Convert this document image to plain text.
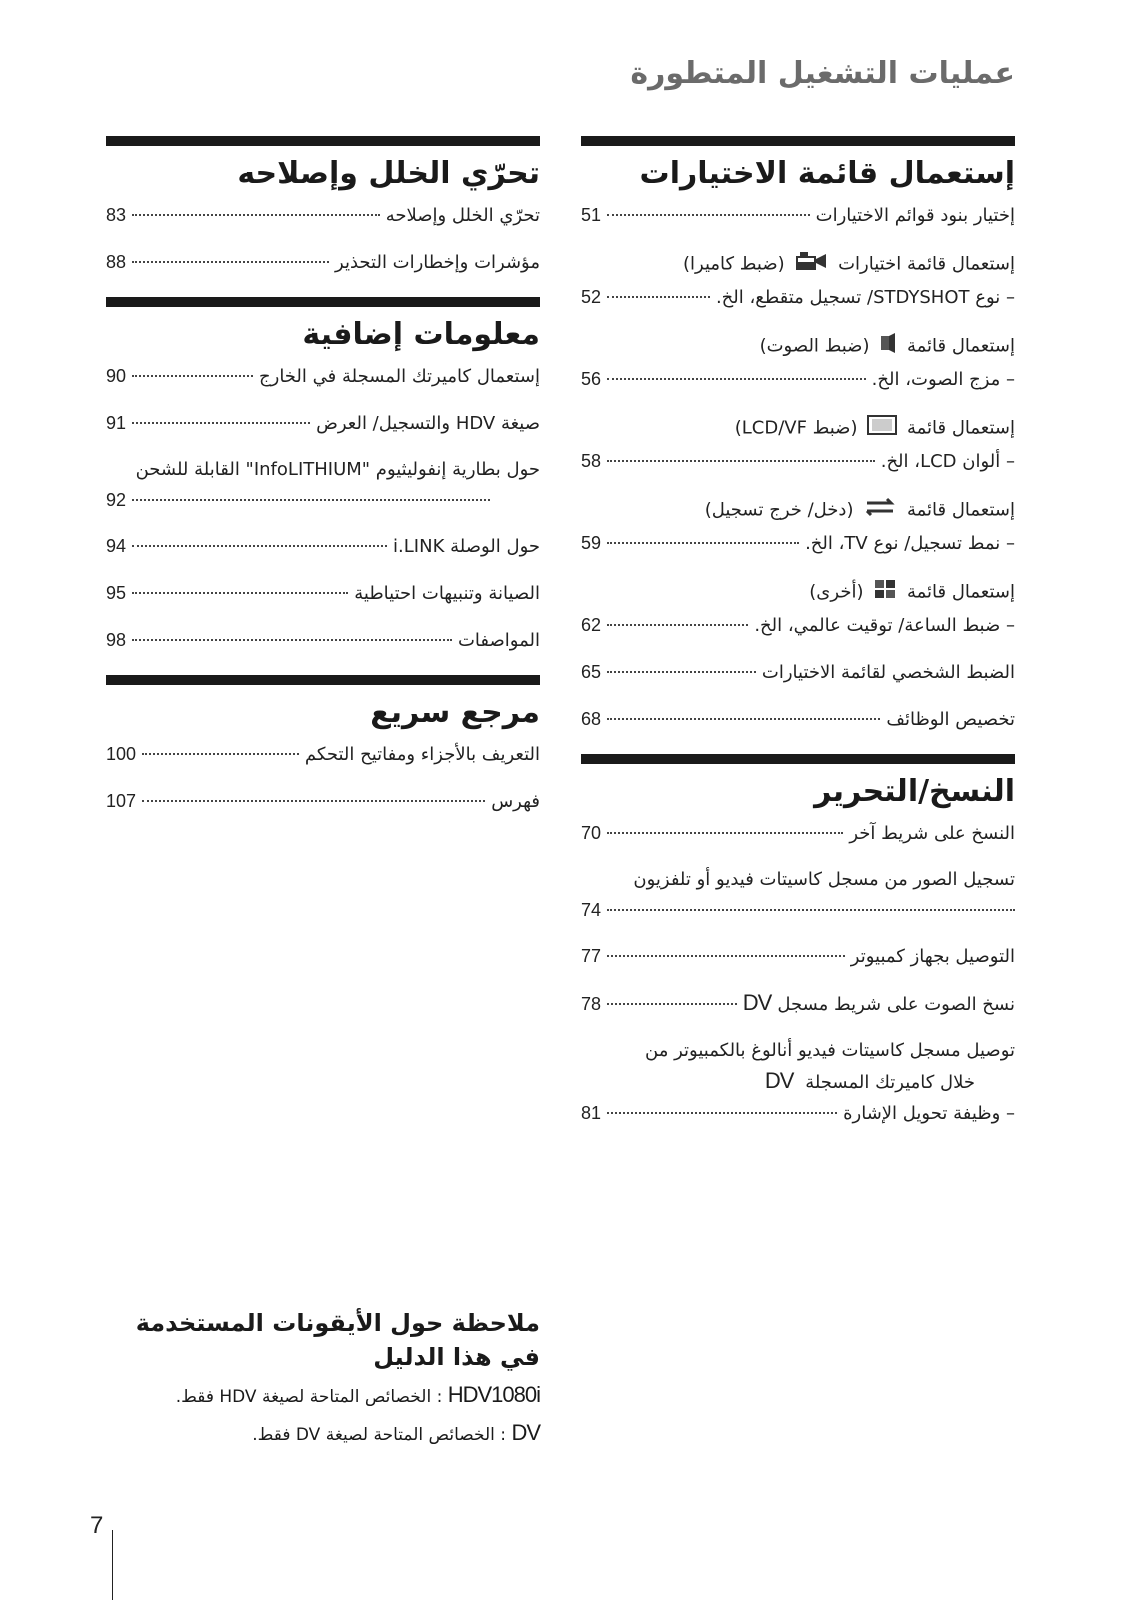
عمليات التشغيل المتطورة
إستعمال قائمة الاختيارات
إختيار بنود قوائم الاختيارات
51
إستعمال قائمة اختيارات  (ضبط كاميرا)
– نوع STDYSHOT/ تسجيل متقطع، الخ.
52
إستعمال قائمة  (ضبط الصوت)
– مزج الصوت، الخ.
56
إستعمال قائمة  (ضبط LCD/VF)
– ألوان LCD، الخ.
58
إستعمال قائمة  (دخل/ خرج تسجيل)
– نمط تسجيل/ نوع TV، الخ.
59
إستعمال قائمة  (أخرى)
– ضبط الساعة/ توقيت عالمي، الخ.
62
الضبط الشخصي لقائمة الاختيارات
65
تخصيص الوظائف
68
النسخ/التحرير
النسخ على شريط آخر
70
تسجيل الصور من مسجل كاسيتات فيديو أو تلفزيون
74
التوصيل بجهاز كمبيوتر
77
نسخ الصوت على شريط مسجل
DV
78
توصيل مسجل كاسيتات فيديو أنالوغ بالكمبيوتر من
خلال كاميرتك المسجلة DV
– وظيفة تحويل الإشارة
81
تحرّي الخلل وإصلاحه
تحرّي الخلل وإصلاحه
83
مؤشرات وإخطارات التحذير
88
معلومات إضافية
إستعمال كاميرتك المسجلة في الخارج
90
صيغة HDV والتسجيل/ العرض
91
حول بطارية إنفوليثيوم "InfoLITHIUM" القابلة للشحن
92
حول الوصلة i.LINK
94
الصيانة وتنبيهات احتياطية
95
المواصفات
98
مرجع سريع
التعريف بالأجزاء ومفاتيح التحكم
100
فهرس
107
ملاحظة حول الأيقونات المستخدمة في هذا الدليل
HDV1080i : الخصائص المتاحة لصيغة HDV فقط.
DV : الخصائص المتاحة لصيغة DV فقط.
7
